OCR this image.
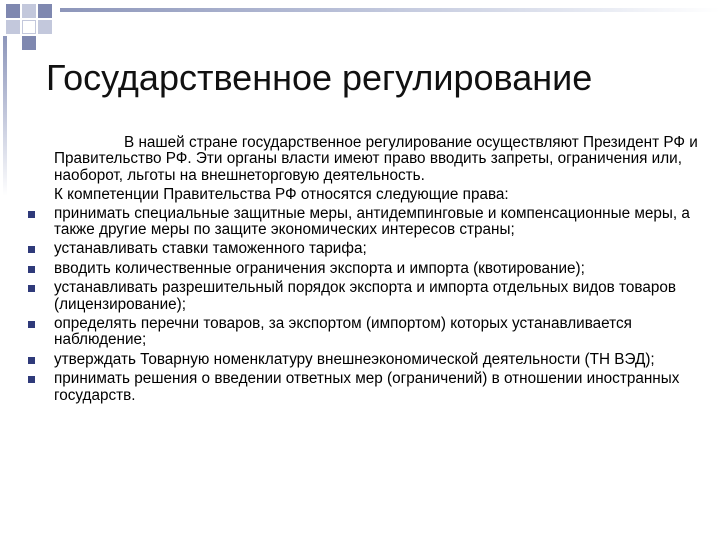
Государственное регулирование

В нашей стране государственное регулирование осуществляют Президент РФ и Правительство РФ. Эти органы власти имеют право вводить запреты, ограничения или, наоборот, льготы на внешнеторговую деятельность.

К компетенции Правительства РФ относятся следующие права:

принимать специальные защитные меры, антидемпинговые и компенсационные меры, а также другие меры по защите экономических интересов страны;
устанавливать ставки таможенного тарифа;
вводить количественные ограничения экспорта и импорта (квотирование);
устанавливать разрешительный порядок экспорта и импорта отдельных видов товаров (лицензирование);
определять перечни товаров, за экспортом (импортом) которых устанавливается наблюдение;
утверждать Товарную номенклатуру внешнеэкономической деятельности (ТН ВЭД);
принимать решения о введении ответных мер (ограничений) в отношении иностранных государств.
